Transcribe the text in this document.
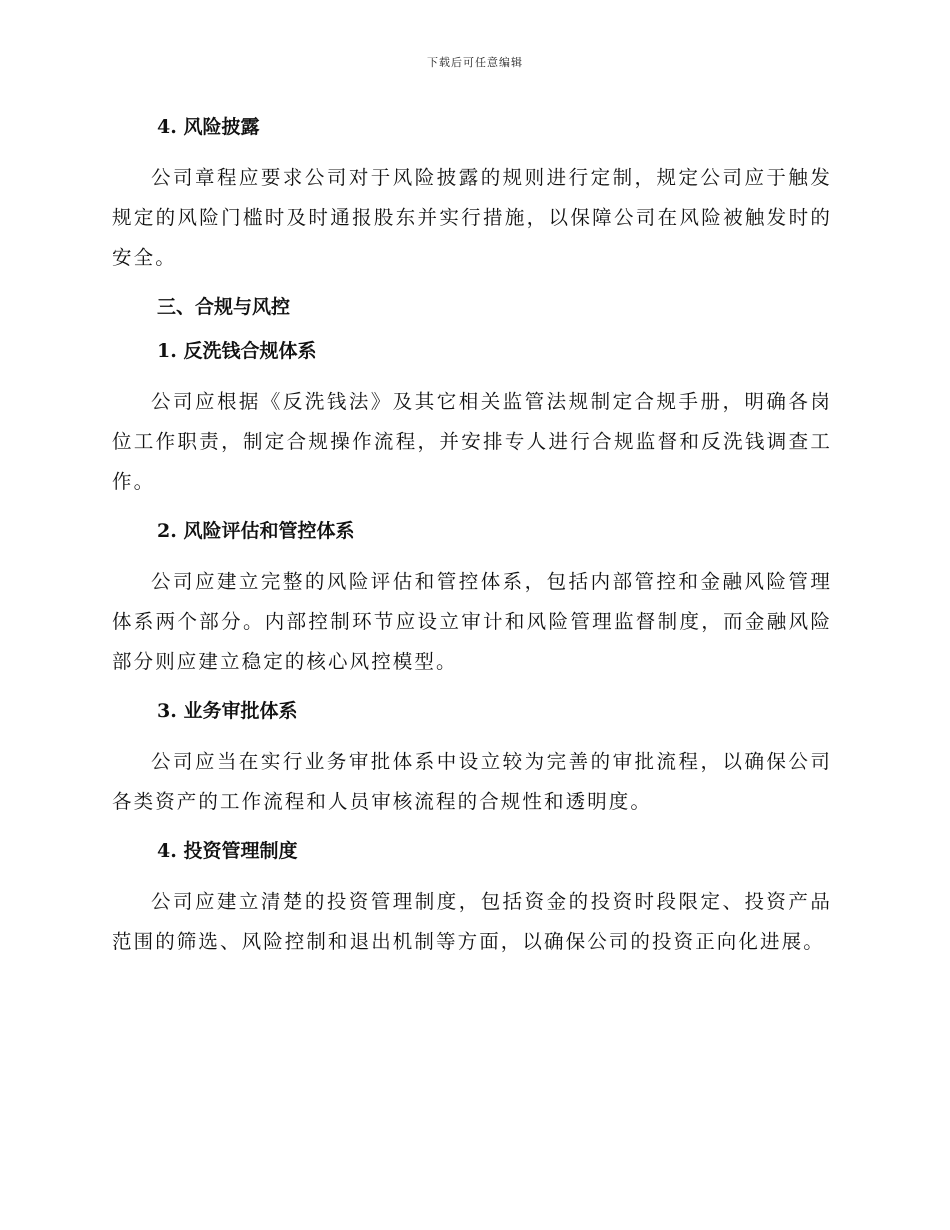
下载后可任意编辑
4. 风险披露

公司章程应要求公司对于风险披露的规则进行定制，规定公司应于触发规定的风险门槛时及时通报股东并实行措施，以保障公司在风险被触发时的安全。

三、合规与风控
1. 反洗钱合规体系

公司应根据《反洗钱法》及其它相关监管法规制定合规手册，明确各岗位工作职责，制定合规操作流程，并安排专人进行合规监督和反洗钱调查工作。

2. 风险评估和管控体系

公司应建立完整的风险评估和管控体系，包括内部管控和金融风险管理体系两个部分。内部控制环节应设立审计和风险管理监督制度，而金融风险部分则应建立稳定的核心风控模型。

3. 业务审批体系

公司应当在实行业务审批体系中设立较为完善的审批流程，以确保公司各类资产的工作流程和人员审核流程的合规性和透明度。

4. 投资管理制度

公司应建立清楚的投资管理制度，包括资金的投资时段限定、投资产品范围的筛选、风险控制和退出机制等方面，以确保公司的投资正向化进展。
